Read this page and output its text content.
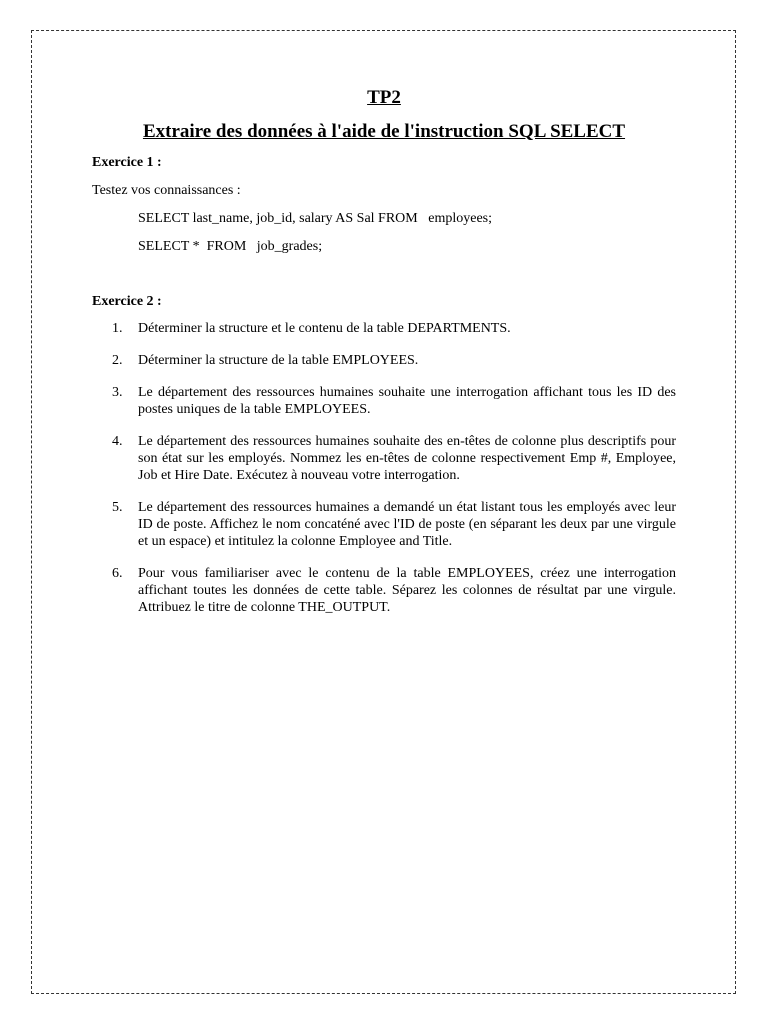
TP2
Extraire des données à l'aide de l'instruction SQL SELECT
Exercice 1 :
Testez vos connaissances :
SELECT last_name, job_id, salary AS Sal FROM   employees;
SELECT *  FROM   job_grades;
Exercice 2 :
1. Déterminer la structure et le contenu de la table DEPARTMENTS.
2. Déterminer la structure de la table EMPLOYEES.
3. Le département des ressources humaines souhaite une interrogation affichant tous les ID des postes uniques de la table EMPLOYEES.
4. Le département des ressources humaines souhaite des en-têtes de colonne plus descriptifs pour son état sur les employés. Nommez les en-têtes de colonne respectivement Emp #, Employee, Job et Hire Date. Exécutez à nouveau votre interrogation.
5. Le département des ressources humaines a demandé un état listant tous les employés avec leur ID de poste. Affichez le nom concaténé avec l'ID de poste (en séparant les deux par une virgule et un espace) et intitulez la colonne Employee and Title.
6. Pour vous familiariser avec le contenu de la table EMPLOYEES, créez une interrogation affichant toutes les données de cette table. Séparez les colonnes de résultat par une virgule. Attribuez le titre de colonne THE_OUTPUT.
